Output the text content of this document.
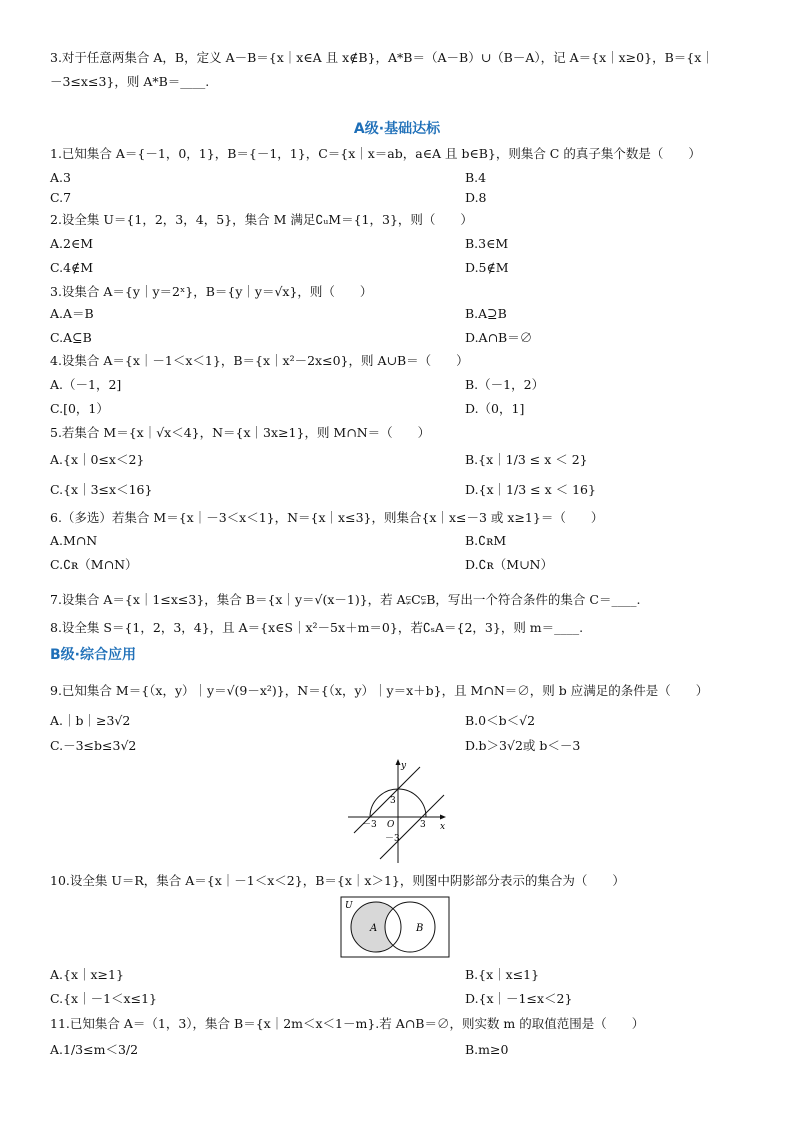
3.对于任意两集合 A，B，定义 A－B＝{x｜x∈A 且 x∉B}，A*B＝（A－B）∪（B－A），记 A＝{x｜x≥0}，B＝{x｜
－3≤x≤3}，则 A*B＝____.
A级·基础达标
1.已知集合 A＝{－1，0，1}，B＝{－1，1}，C＝{x｜x＝ab，a∈A 且 b∈B}，则集合 C 的真子集个数是（　　）
A.3	B.4
C.7	D.8
2.设全集 U＝{1，2，3，4，5}，集合 M 满足∁ᵤM＝{1，3}，则（　　）
A.2∈M	B.3∈M
C.4∉M	D.5∉M
3.设集合 A＝{y｜y＝2ˣ}，B＝{y｜y＝√x}，则（　　）
A.A＝B	B.A⊇B
C.A⊆B	D.A∩B＝∅
4.设集合 A＝{x｜－1＜x＜1}，B＝{x｜x²－2x≤0}，则 A∪B＝（　　）
A.（－1，2]	B.（－1，2）
C.[0，1）	D.（0，1]
5.若集合 M＝{x｜√x＜4}，N＝{x｜3x≥1}，则 M∩N＝（　　）
A.{x｜0≤x＜2}	B.{x｜1/3 ≤ x ＜ 2}
C.{x｜3≤x＜16}	D.{x｜1/3 ≤ x ＜ 16}
6.（多选）若集合 M＝{x｜－3＜x＜1}，N＝{x｜x≤3}，则集合{x｜x≤－3 或 x≥1}＝（　　）
A.M∩N	B.∁ʀM
C.∁ʀ（M∩N）	D.∁ʀ（M∪N）
7.设集合 A＝{x｜1≤x≤3}，集合 B＝{x｜y＝√(x－1)}，若 A⫋C⫋B，写出一个符合条件的集合 C＝____.
8.设全集 S＝{1，2，3，4}，且 A＝{x∈S｜x²－5x＋m＝0}，若∁ₛA＝{2，3}，则 m＝____.
B级·综合应用
9.已知集合 M＝{（x，y）｜y＝√(9－x²)}，N＝{（x，y）｜y＝x＋b}，且 M∩N＝∅，则 b 应满足的条件是（　　）
A.｜b｜≥3√2	B.0＜b＜√2
C.－3≤b≤3√2	D.b＞3√2或 b＜－3
y
x
O
3
－3	3
－3
10.设全集 U＝R，集合 A＝{x｜－1＜x＜2}，B＝{x｜x＞1}，则图中阴影部分表示的集合为（　　）
U
A	B
A.{x｜x≥1}	B.{x｜x≤1}
C.{x｜－1＜x≤1}	D.{x｜－1≤x＜2}
11.已知集合 A＝（1，3），集合 B＝{x｜2m＜x＜1－m}.若 A∩B＝∅，则实数 m 的取值范围是（　　）
A.1/3≤m＜3/2	B.m≥0
